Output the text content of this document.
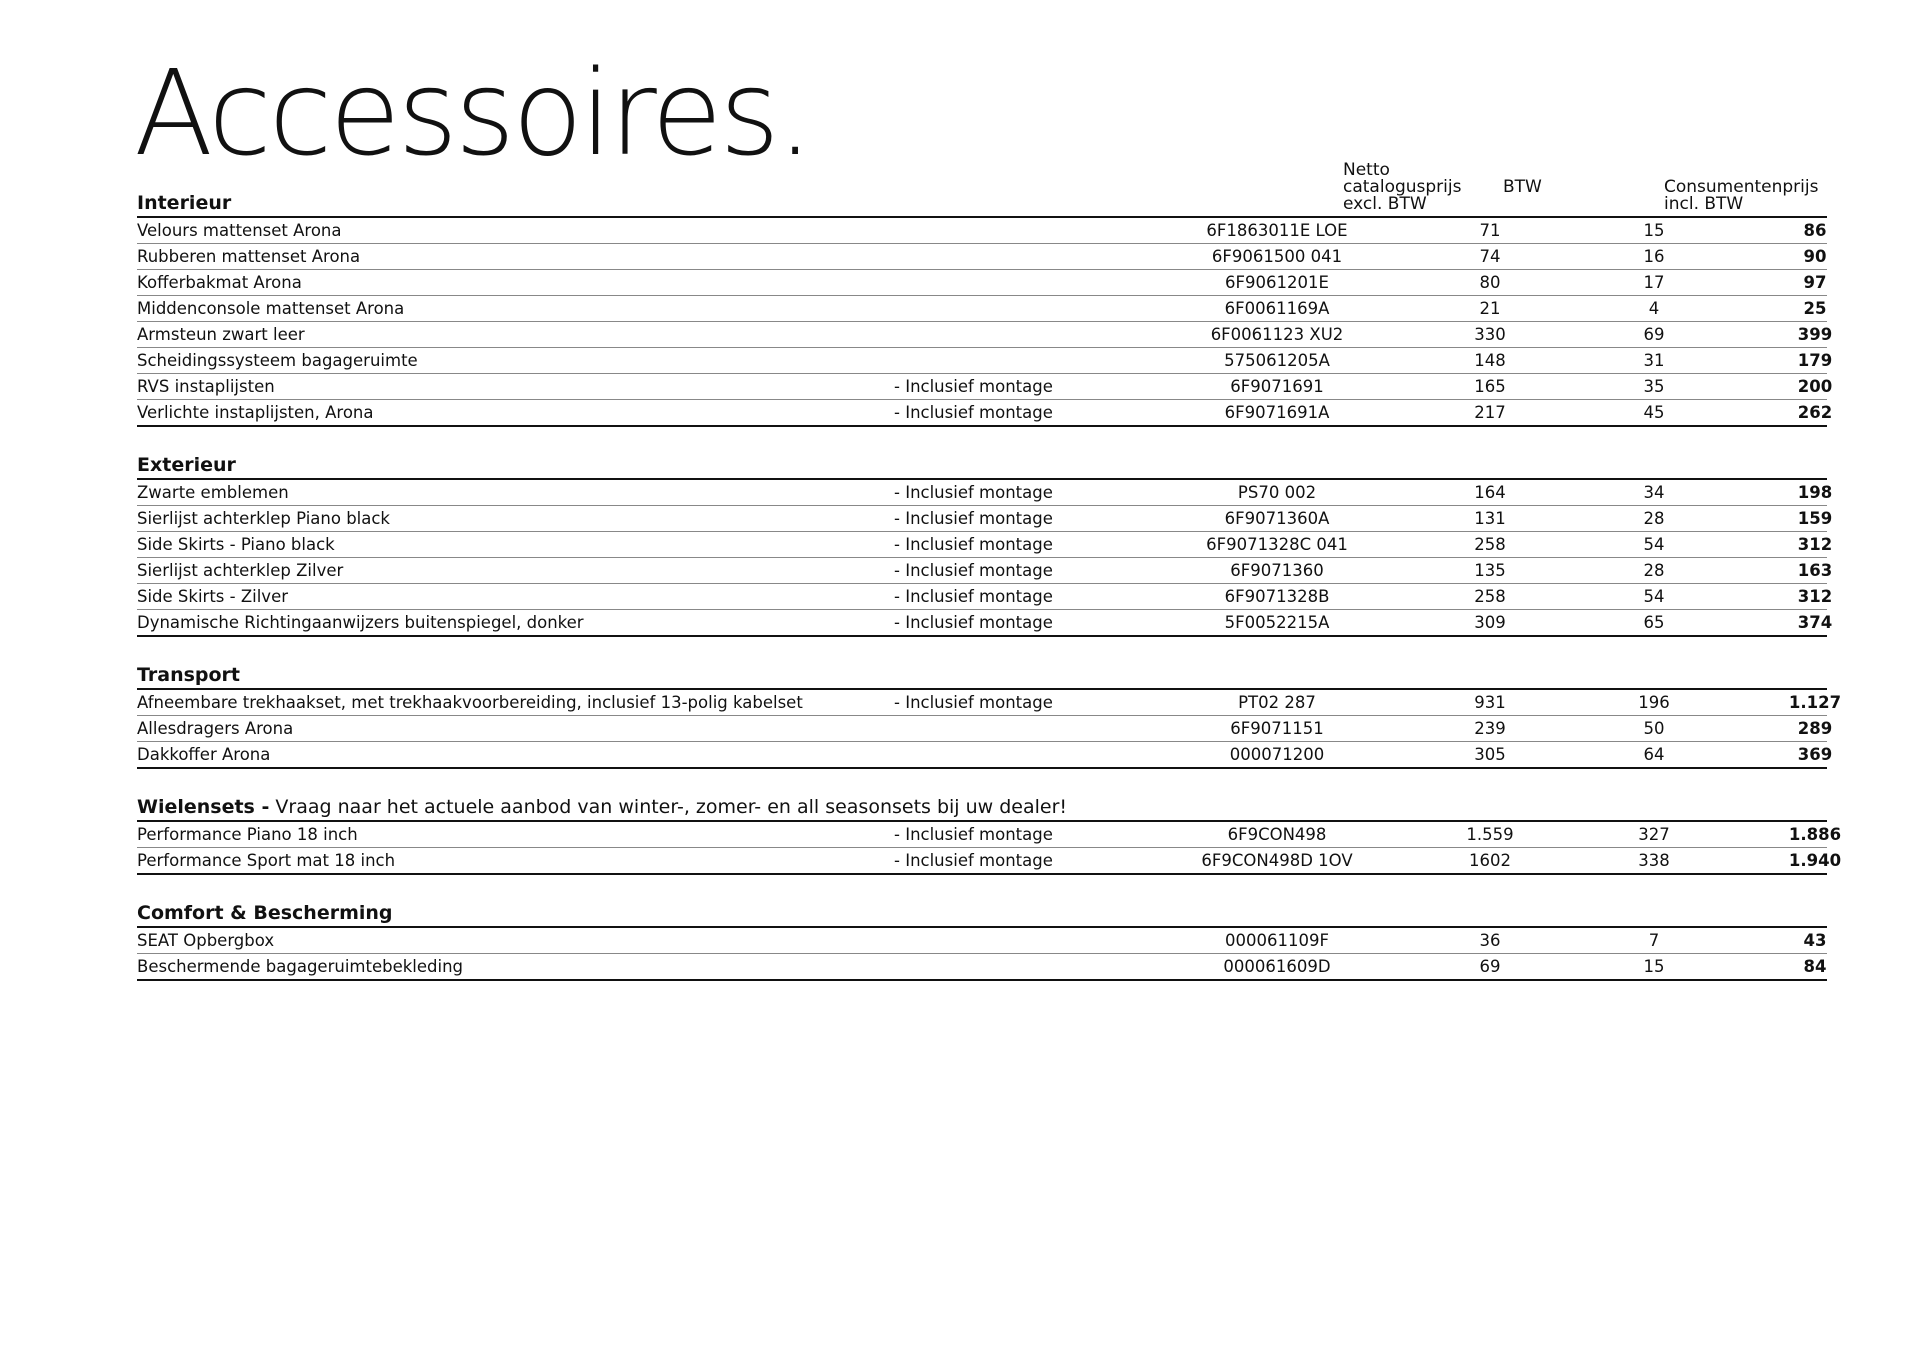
Accessoires.	Netto
catalogusprijs
excl. BTW
BTW	Consumentenprijs
incl. BTW
Interieur
Velours mattenset Arona	6F1863011E LOE	71	15	86
Rubberen mattenset Arona	6F9061500 041	74	16	90
Kofferbakmat Arona	6F9061201E	80	17	97
Middenconsole mattenset Arona	6F0061169A	21	4	25
Armsteun zwart leer	6F0061123 XU2	330	69	399
Scheidingssysteem bagageruimte	575061205A	148	31	179
RVS instaplijsten	- Inclusief montage	6F9071691	165	35	200
Verlichte instaplijsten, Arona	- Inclusief montage	6F9071691A	217	45	262
Exterieur
Zwarte emblemen	- Inclusief montage	PS70 002	164	34	198
Sierlijst achterklep Piano black	- Inclusief montage	6F9071360A	131	28	159
Side Skirts - Piano black	- Inclusief montage	6F9071328C 041	258	54	312
Sierlijst achterklep Zilver	- Inclusief montage	6F9071360	135	28	163
Side Skirts - Zilver	- Inclusief montage	6F9071328B	258	54	312
Dynamische Richtingaanwijzers buitenspiegel, donker	- Inclusief montage	5F0052215A	309	65	374
Transport
Afneembare trekhaakset, met trekhaakvoorbereiding, inclusief 13-polig kabelset	- Inclusief montage	PT02 287	931	196	1.127
Allesdragers Arona	6F9071151	239	50	289
Dakkoffer Arona	000071200	305	64	369
Wielensets - Vraag naar het actuele aanbod van winter-, zomer- en all seasonsets bij uw dealer!
Performance Piano 18 inch	- Inclusief montage	6F9CON498	1.559	327	1.886
Performance Sport mat 18 inch	- Inclusief montage	6F9CON498D 1OV	1602	338	1.940
Comfort & Bescherming
SEAT Opbergbox	000061109F	36	7	43
Beschermende bagageruimtebekleding	000061609D	69	15	84
